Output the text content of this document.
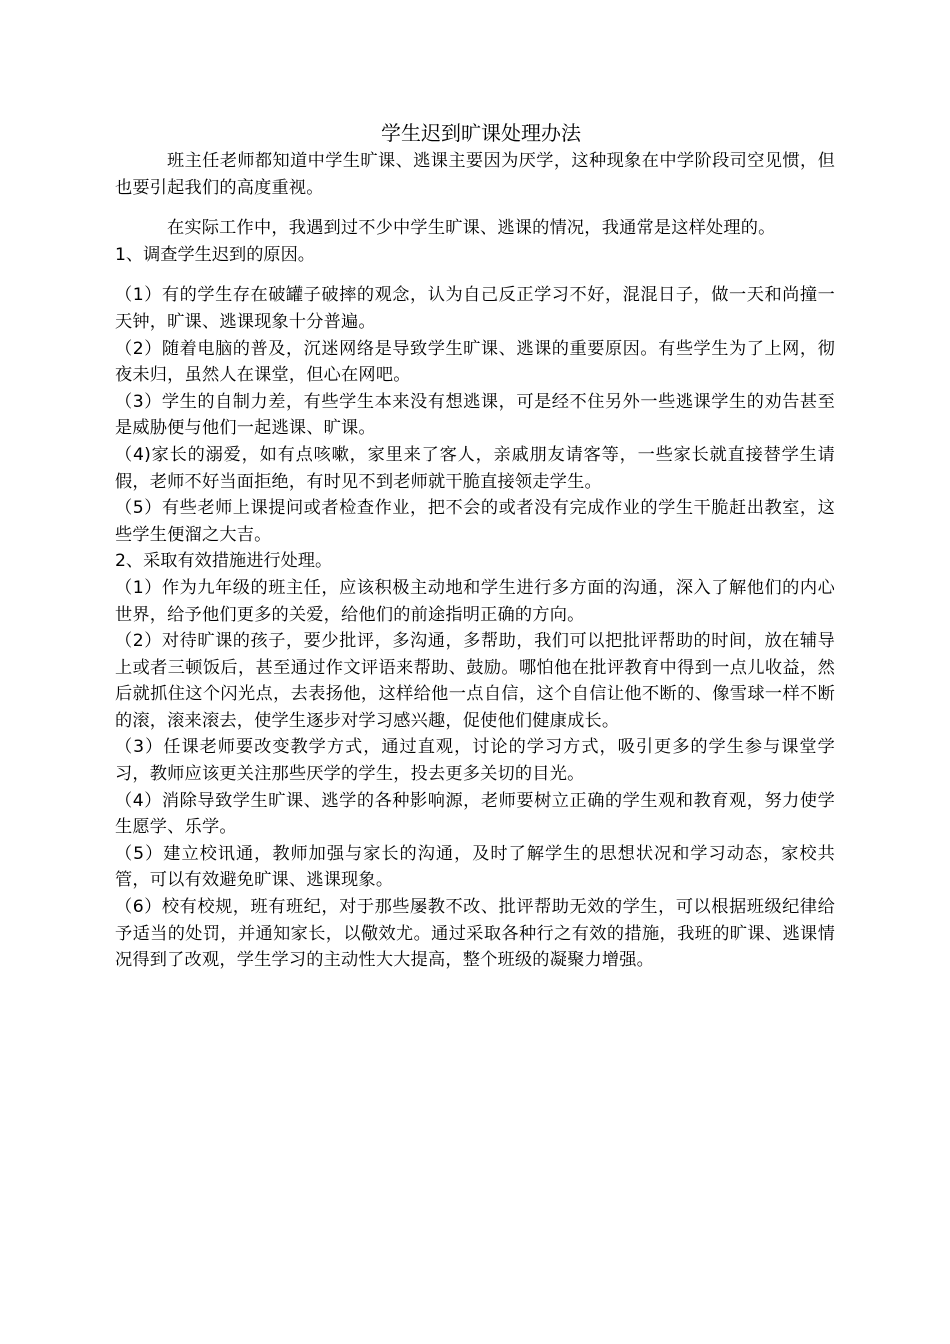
学生迟到旷课处理办法

班主任老师都知道中学生旷课、逃课主要因为厌学，这种现象在中学阶段司空见惯，但也要引起我们的高度重视。

在实际工作中，我遇到过不少中学生旷课、逃课的情况，我通常是这样处理的。

1、调查学生迟到的原因。

（1）有的学生存在破罐子破摔的观念，认为自己反正学习不好，混混日子，做一天和尚撞一天钟，旷课、逃课现象十分普遍。

（2）随着电脑的普及，沉迷网络是导致学生旷课、逃课的重要原因。有些学生为了上网，彻夜未归，虽然人在课堂，但心在网吧。

（3）学生的自制力差，有些学生本来没有想逃课，可是经不住另外一些逃课学生的劝告甚至是威胁便与他们一起逃课、旷课。

（4)家长的溺爱，如有点咳嗽，家里来了客人，亲戚朋友请客等，一些家长就直接替学生请假，老师不好当面拒绝，有时见不到老师就干脆直接领走学生。

（5）有些老师上课提问或者检查作业，把不会的或者没有完成作业的学生干脆赶出教室，这些学生便溜之大吉。

2、采取有效措施进行处理。

（1）作为九年级的班主任，应该积极主动地和学生进行多方面的沟通，深入了解他们的内心世界，给予他们更多的关爱，给他们的前途指明正确的方向。

（2）对待旷课的孩子，要少批评，多沟通，多帮助，我们可以把批评帮助的时间，放在辅导上或者三顿饭后，甚至通过作文评语来帮助、鼓励。哪怕他在批评教育中得到一点儿收益，然后就抓住这个闪光点，去表扬他，这样给他一点自信，这个自信让他不断的、像雪球一样不断的滚，滚来滚去，使学生逐步对学习感兴趣，促使他们健康成长。

（3）任课老师要改变教学方式，通过直观，讨论的学习方式，吸引更多的学生参与课堂学习，教师应该更关注那些厌学的学生，投去更多关切的目光。

（4）消除导致学生旷课、逃学的各种影响源，老师要树立正确的学生观和教育观，努力使学生愿学、乐学。

（5）建立校讯通，教师加强与家长的沟通，及时了解学生的思想状况和学习动态，家校共管，可以有效避免旷课、逃课现象。

（6）校有校规，班有班纪，对于那些屡教不改、批评帮助无效的学生，可以根据班级纪律给予适当的处罚，并通知家长，以儆效尤。通过采取各种行之有效的措施，我班的旷课、逃课情况得到了改观，学生学习的主动性大大提高，整个班级的凝聚力增强。
